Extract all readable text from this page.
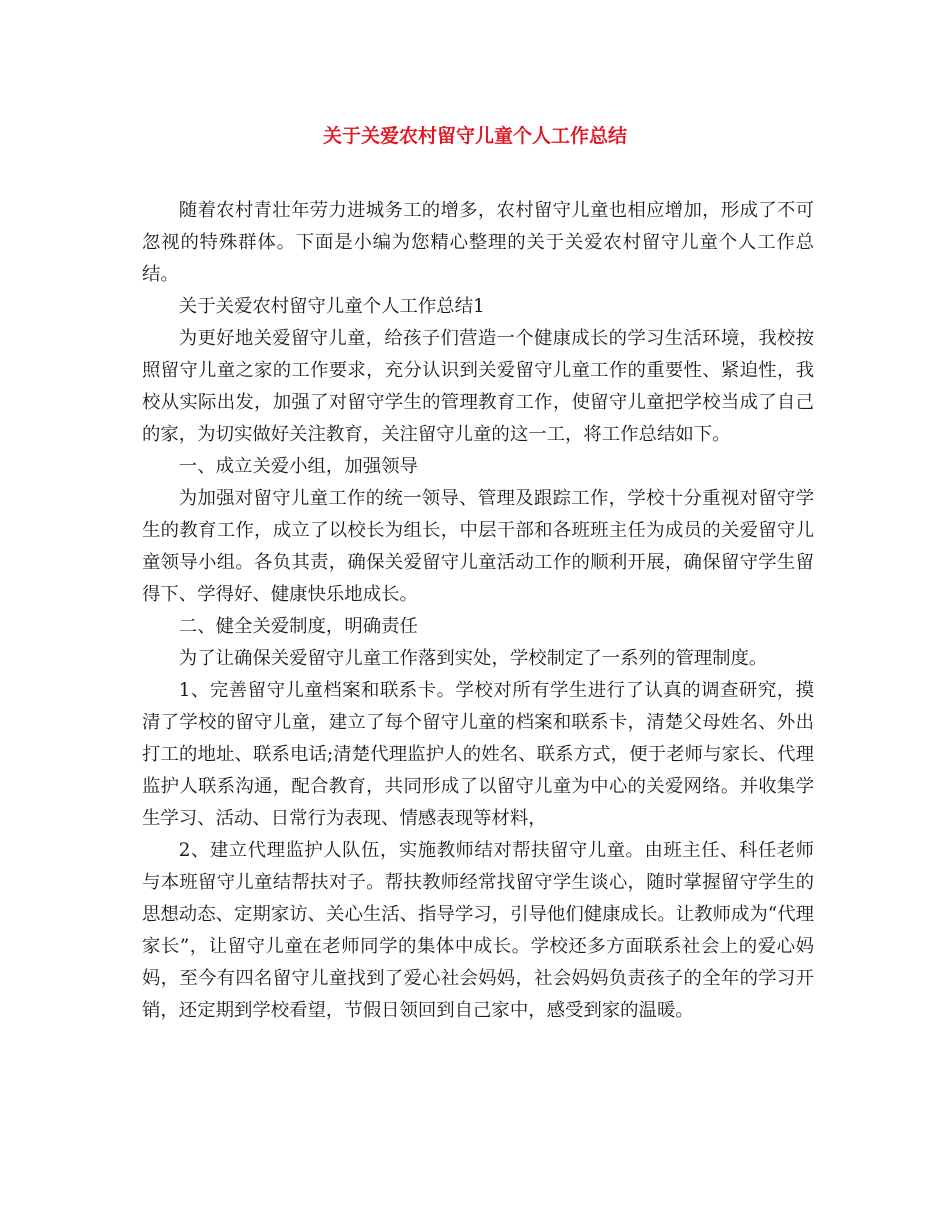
关于关爱农村留守儿童个人工作总结

随着农村青壮年劳力进城务工的增多，农村留守儿童也相应增加，形成了不可忽视的特殊群体。下面是小编为您精心整理的关于关爱农村留守儿童个人工作总结。

关于关爱农村留守儿童个人工作总结1

为更好地关爱留守儿童，给孩子们营造一个健康成长的学习生活环境，我校按照留守儿童之家的工作要求，充分认识到关爱留守儿童工作的重要性、紧迫性，我校从实际出发，加强了对留守学生的管理教育工作，使留守儿童把学校当成了自己的家，为切实做好关注教育，关注留守儿童的这一工，将工作总结如下。

一、成立关爱小组，加强领导

为加强对留守儿童工作的统一领导、管理及跟踪工作，学校十分重视对留守学生的教育工作，成立了以校长为组长，中层干部和各班班主任为成员的关爱留守儿童领导小组。各负其责，确保关爱留守儿童活动工作的顺利开展，确保留守学生留得下、学得好、健康快乐地成长。

二、健全关爱制度，明确责任

为了让确保关爱留守儿童工作落到实处，学校制定了一系列的管理制度。

1、完善留守儿童档案和联系卡。学校对所有学生进行了认真的调查研究，摸清了学校的留守儿童，建立了每个留守儿童的档案和联系卡，清楚父母姓名、外出打工的地址、联系电话;清楚代理监护人的姓名、联系方式，便于老师与家长、代理监护人联系沟通，配合教育，共同形成了以留守儿童为中心的关爱网络。并收集学生学习、活动、日常行为表现、情感表现等材料，

2、建立代理监护人队伍，实施教师结对帮扶留守儿童。由班主任、科任老师与本班留守儿童结帮扶对子。帮扶教师经常找留守学生谈心，随时掌握留守学生的思想动态、定期家访、关心生活、指导学习，引导他们健康成长。让教师成为“代理家长”，让留守儿童在老师同学的集体中成长。学校还多方面联系社会上的爱心妈妈，至今有四名留守儿童找到了爱心社会妈妈，社会妈妈负责孩子的全年的学习开销，还定期到学校看望，节假日领回到自己家中，感受到家的温暖。
